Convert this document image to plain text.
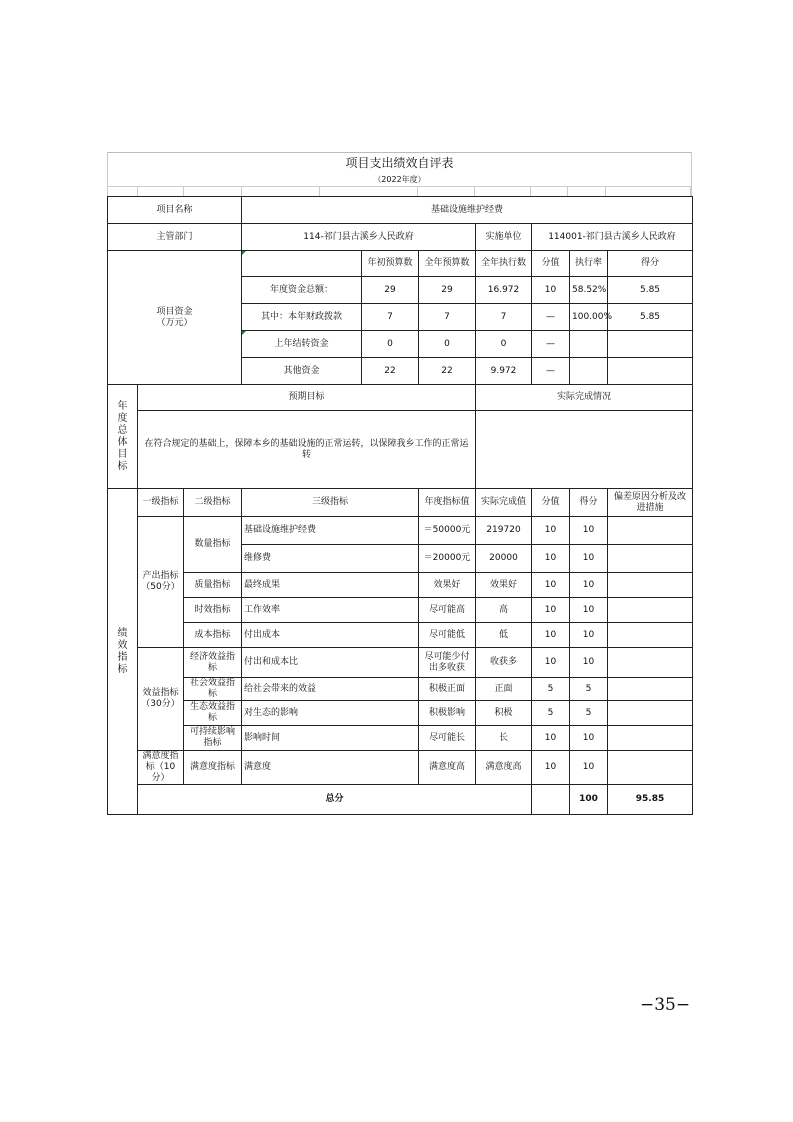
项目支出绩效自评表
（2022年度）
项目名称			基础设施维护经费							
主管部门			114-祁门县古溪乡人民政府			实施单位	114001-祁门县古溪乡人民政府			

项目资金
（万元）				年初预算数	全年预算数	全年执行数	分值	执行率	得分	
			年度资金总额：	29	29	16.972	10	58.52%	5.85	
			其中：本年财政拨款	7	7	7	—	100.00%	5.85	
			上年结转资金	0	0	0	—			
			其他资金	22	22	9.972	—			

年度总体目标	预期目标					实际完成情况				
	在符合规定的基础上，保障本乡的基础设施的正常运转，以保障我乡工作的正常运转									

绩效指标	一级指标	二级指标	三级指标		年度指标值	实际完成值	分值	得分	偏差原因分析及改进措施	
	产出指标（50分）	数量指标	基础设施维护经费		＝50000元	219720	10	10		
			维修费		＝20000元	20000	10	10		
		质量指标	最终成果		效果好	效果好	10	10		
		时效指标	工作效率		尽可能高	高	10	10		
		成本指标	付出成本		尽可能低	低	10	10		
	效益指标（30分）	经济效益指标	付出和成本比		尽可能少付出多收获	收获多	10	10		
		社会效益指标	给社会带来的效益		积极正面	正面	5	5		
		生态效益指标	对生态的影响		积极影响	积极	5	5		
		可持续影响指标	影响时间		尽可能长	长	10	10		
	满意度指标（10分）	满意度指标	满意度		满意度高	满意度高	10	10		
	总分							100	95.85	
−35−
